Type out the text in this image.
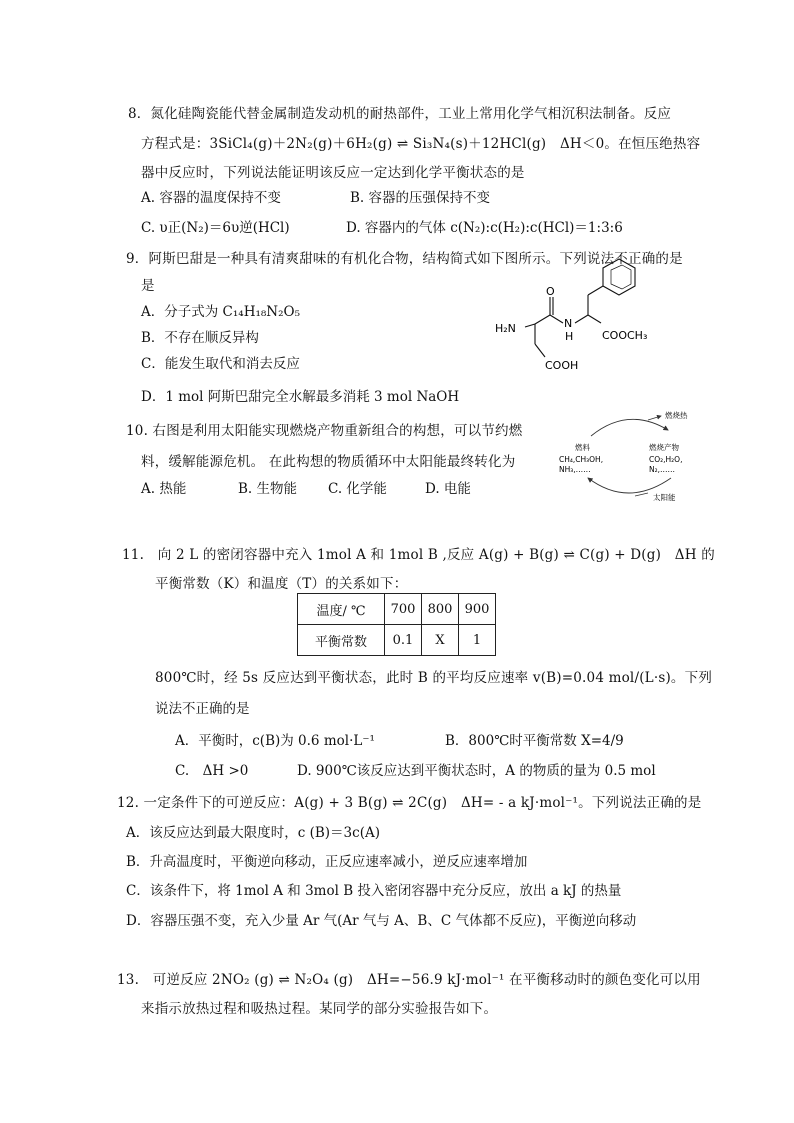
8．氮化硅陶瓷能代替金属制造发动机的耐热部件，工业上常用化学气相沉积法制备。反应
方程式是：3SiCl₄(g)＋2N₂(g)＋6H₂(g) ⇌ Si₃N₄(s)＋12HCl(g)　ΔH＜0。在恒压绝热容
器中反应时，下列说法能证明该反应一定达到化学平衡状态的是
A. 容器的温度保持不变	B. 容器的压强保持不变
C. υ正(N₂)＝6υ逆(HCl)	D. 容器内的气体 c(N₂):c(H₂):c(HCl)＝1:3:6
9．阿斯巴甜是一种具有清爽甜味的有机化合物，结构简式如下图所示。下列说法不正确的是
是
A．分子式为 C₁₄H₁₈N₂O₅
B．不存在顺反异构
C．能发生取代和消去反应
D．1 mol 阿斯巴甜完全水解最多消耗 3 mol NaOH
H₂N
O
N
H	COOCH₃
COOH
10. 右图是利用太阳能实现燃烧产物重新组合的构想，可以节约燃
料，缓解能源危机。 在此构想的物质循环中太阳能最终转化为
A. 热能	B. 生物能 C. 化学能	D. 电能
燃烧热
燃料
CH₄,CH₃OH,
NH₃,……
燃烧产物
CO₂,H₂O,
N₂,……
太阳能
11.　向 2 L 的密闭容器中充入 1mol A 和 1mol B ,反应 A(g) + B(g) ⇌ C(g) + D(g)　ΔH 的
平衡常数（K）和温度（T）的关系如下：
温度/ ℃	700	800	900
平衡常数	0.1	X	1
800℃时，经 5s 反应达到平衡状态，此时 B 的平均反应速率 v(B)=0.04 mol/(L·s)。下列
说法不正确的是
A．平衡时，c(B)为 0.6 mol·L⁻¹	B．800℃时平衡常数 X=4/9
C.　ΔH >0	D. 900℃该反应达到平衡状态时，A 的物质的量为 0.5 mol
12. 一定条件下的可逆反应：A(g) + 3 B(g) ⇌ 2C(g)　ΔH= - a kJ·mol⁻¹。下列说法正确的是
A．该反应达到最大限度时，c (B)＝3c(A)
B．升高温度时，平衡逆向移动，正反应速率减小，逆反应速率增加
C．该条件下，将 1mol A 和 3mol B 投入密闭容器中充分反应，放出 a kJ 的热量
D．容器压强不变，充入少量 Ar 气(Ar 气与 A、B、C 气体都不反应)，平衡逆向移动
13.　可逆反应 2NO₂ (g) ⇌ N₂O₄ (g)　ΔH=−56.9 kJ·mol⁻¹ 在平衡移动时的颜色变化可以用
来指示放热过程和吸热过程。某同学的部分实验报告如下。
